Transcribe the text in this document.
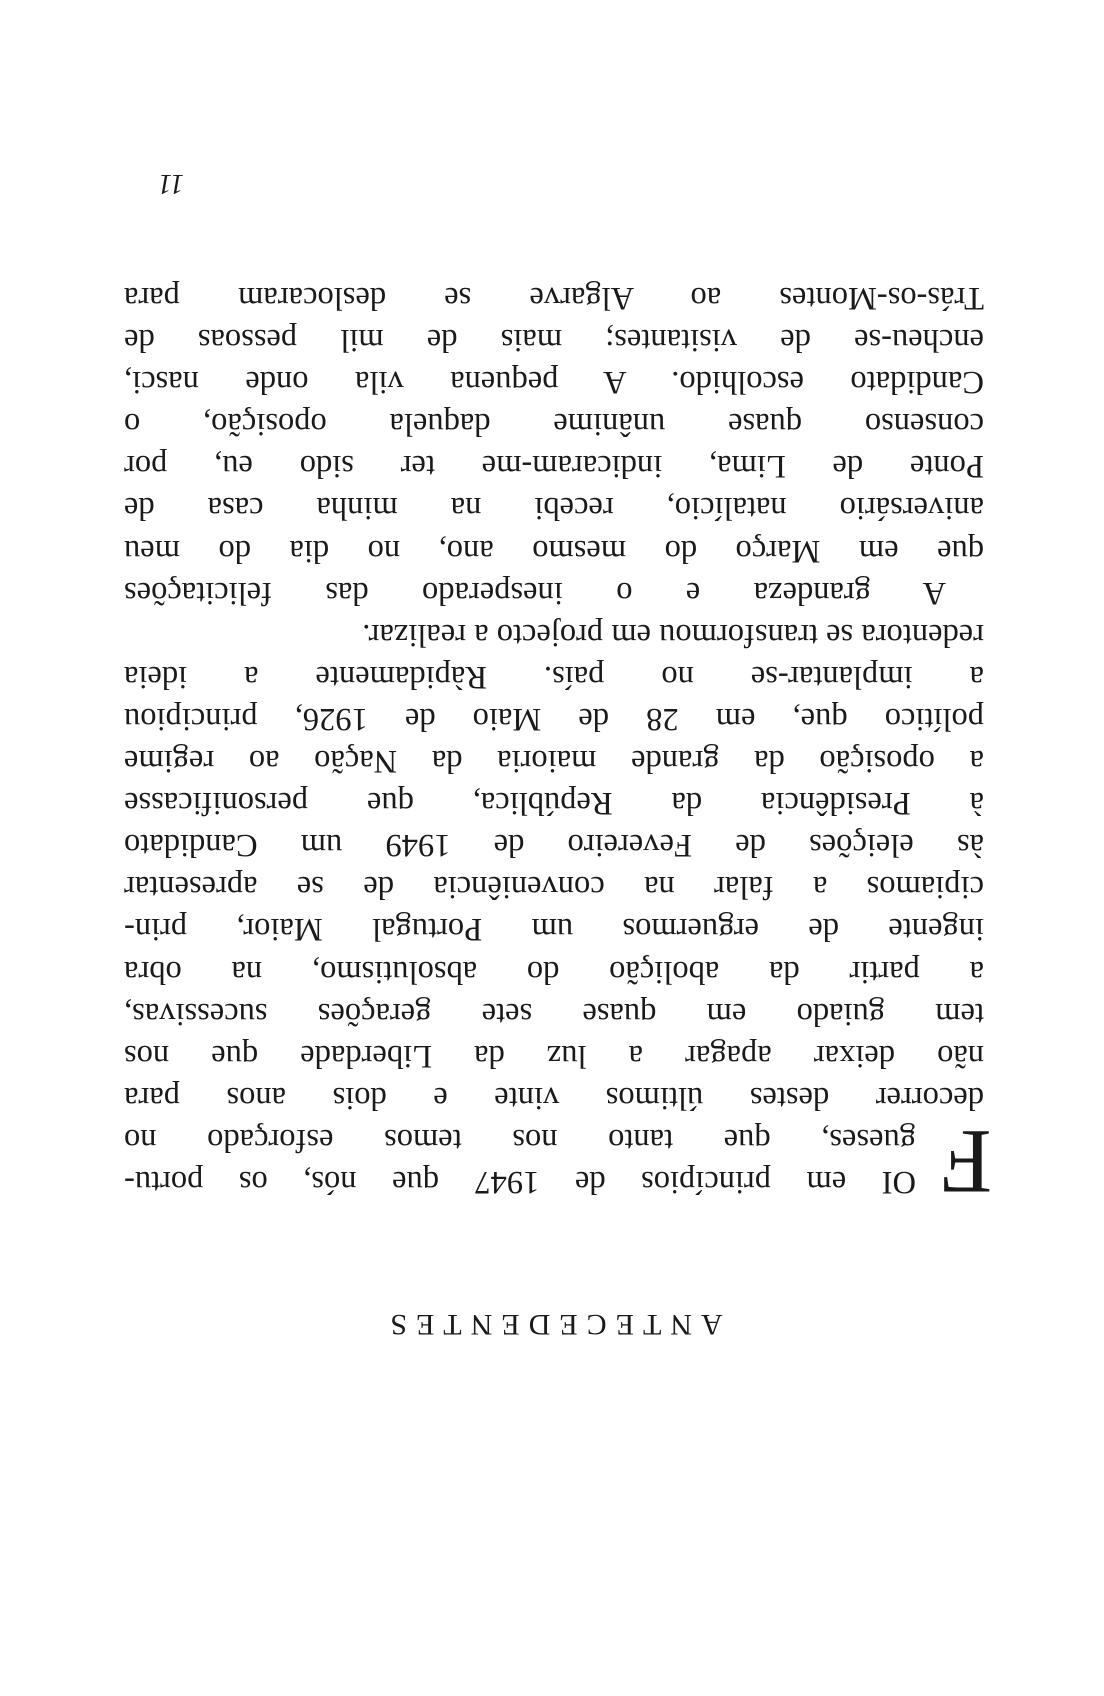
ANTECEDENTES

F

OI em princípios de 1947 que nós, os portu-
gueses, que tanto nos temos esforçado no
decorrer destes últimos vinte e dois anos para
não deixar apagar a luz da Liberdade que nos
tem guiado em quase sete gerações sucessivas,
a partir da abolição do absolutismo, na obra
ingente de erguermos um Portugal Maior, prin-
cipiamos a falar na conveniência de se apresentar
às eleições de Fevereiro de 1949 um Candidato
à Presidência da República, que personificasse
a oposição da grande maioria da Nação ao regime
político que, em 28 de Maio de 1926, principiou
a implantar-se no país. Ràpidamente a ideia
redentora se transformou em projecto a realizar.
A grandeza e o inesperado das felicitações
que em Março do mesmo ano, no dia do meu
aniversário natalício, recebi na minha casa de
Ponte de Lima, indicaram-me ter sido eu, por
consenso quase unânime daquela oposição, o
Candidato escolhido. A pequena vila onde nasci,
encheu-se de visitantes; mais de mil pessoas de
Trás-os-Montes ao Algarve se deslocaram para

11
